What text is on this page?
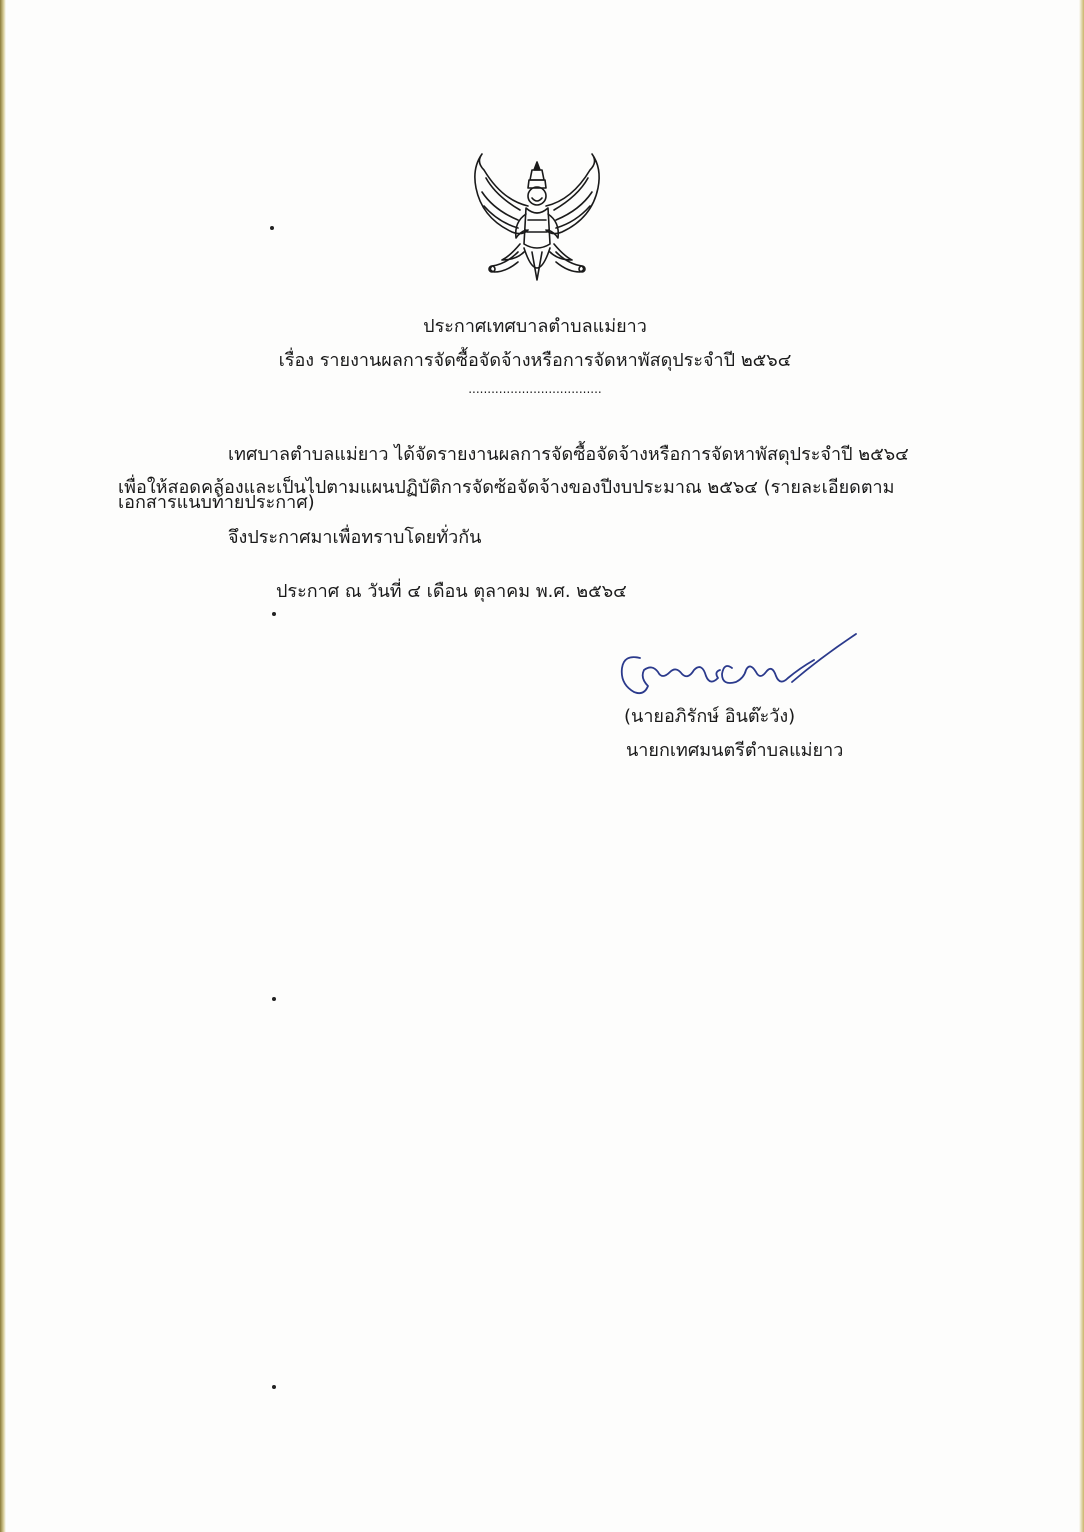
ประกาศเทศบาลตำบลแม่ยาว
เรื่อง รายงานผลการจัดซื้อจัดจ้างหรือการจัดหาพัสดุประจำปี ๒๕๖๔
...................................
เทศบาลตำบลแม่ยาว ได้จัดรายงานผลการจัดซื้อจัดจ้างหรือการจัดหาพัสดุประจำปี ๒๕๖๔
เพื่อให้สอดคล้องและเป็นไปตามแผนปฏิบัติการจัดซ้อจัดจ้างของปีงบประมาณ ๒๕๖๔ (รายละเอียดตาม
เอกสารแนบท้ายประกาศ)
จึงประกาศมาเพื่อทราบโดยทั่วกัน
ประกาศ ณ วันที่ ๔ เดือน ตุลาคม พ.ศ. ๒๕๖๔
(นายอภิรักษ์ อินต๊ะวัง)
นายกเทศมนตรีตำบลแม่ยาว
